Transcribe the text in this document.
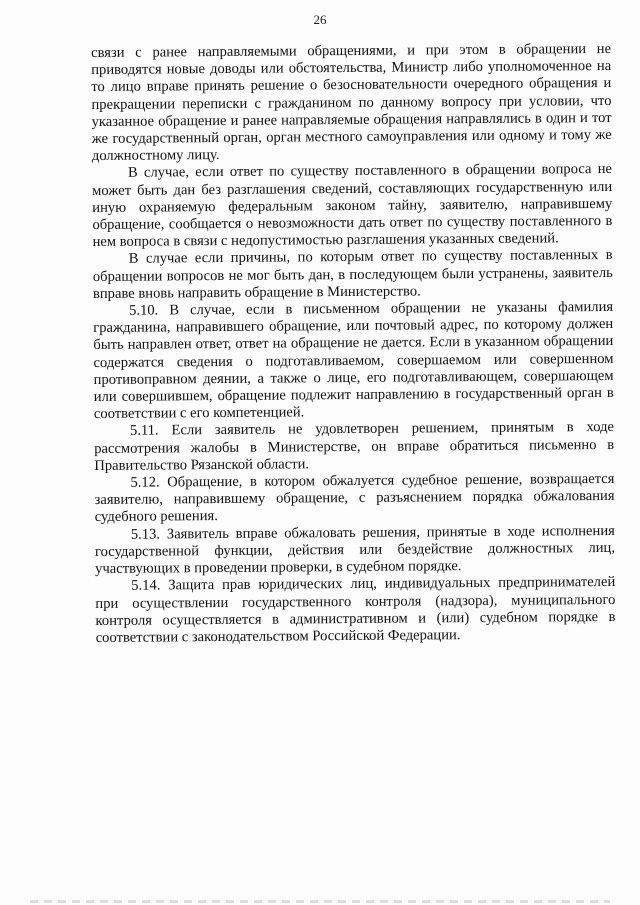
26

связи с ранее направляемыми обращениями, и при этом в обращении не приводятся новые доводы или обстоятельства, Министр либо уполномоченное на то лицо вправе принять решение о безосновательности очередного обращения и прекращении переписки с гражданином по данному вопросу при условии, что указанное обращение и ранее направляемые обращения направлялись в один и тот же государственный орган, орган местного самоуправления или одному и тому же должностному лицу.

В случае, если ответ по существу поставленного в обращении вопроса не может быть дан без разглашения сведений, составляющих государственную или иную охраняемую федеральным законом тайну, заявителю, направившему обращение, сообщается о невозможности дать ответ по существу поставленного в нем вопроса в связи с недопустимостью разглашения указанных сведений.

В случае если причины, по которым ответ по существу поставленных в обращении вопросов не мог быть дан, в последующем были устранены, заявитель вправе вновь направить обращение в Министерство.

5.10. В случае, если в письменном обращении не указаны фамилия гражданина, направившего обращение, или почтовый адрес, по которому должен быть направлен ответ, ответ на обращение не дается. Если в указанном обращении содержатся сведения о подготавливаемом, совершаемом или совершенном противоправном деянии, а также о лице, его подготавливающем, совершающем или совершившем, обращение подлежит направлению в государственный орган в соответствии с его компетенцией.

5.11. Если заявитель не удовлетворен решением, принятым в ходе рассмотрения жалобы в Министерстве, он вправе обратиться письменно в Правительство Рязанской области.

5.12. Обращение, в котором обжалуется судебное решение, возвращается заявителю, направившему обращение, с разъяснением порядка обжалования судебного решения.

5.13. Заявитель вправе обжаловать решения, принятые в ходе исполнения государственной функции, действия или бездействие должностных лиц, участвующих в проведении проверки, в судебном порядке.

5.14. Защита прав юридических лиц, индивидуальных предпринимателей при осуществлении государственного контроля (надзора), муниципального контроля осуществляется в административном и (или) судебном порядке в соответствии с законодательством Российской Федерации.
